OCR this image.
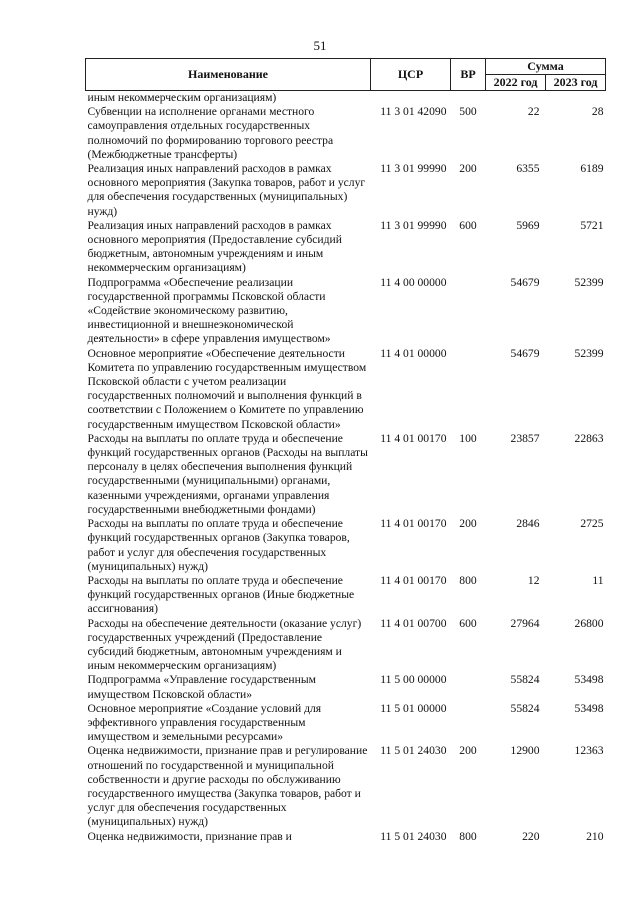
51
Наименование	ЦСР	ВР	Сумма	
			2022 год	2023 год
иным некоммерческим организациям)				
Субвенции на исполнение органами местного самоуправления отдельных государственных полномочий по формированию торгового реестра (Межбюджетные трансферты)	11 3 01 42090	500	22	28
Реализация иных направлений расходов в рамках основного мероприятия (Закупка товаров, работ и услуг для обеспечения государственных (муниципальных) нужд)	11 3 01 99990	200	6355	6189
Реализация иных направлений расходов в рамках основного мероприятия (Предоставление субсидий бюджетным, автономным учреждениям и иным некоммерческим организациям)	11 3 01 99990	600	5969	5721
Подпрограмма «Обеспечение реализации государственной программы Псковской области «Содействие экономическому развитию, инвестиционной и внешнеэкономической деятельности» в сфере управления имуществом»	11 4 00 00000		54679	52399
Основное мероприятие «Обеспечение деятельности Комитета по управлению государственным имуществом Псковской области с учетом реализации государственных полномочий и выполнения функций в соответствии с Положением о Комитете по управлению государственным имуществом Псковской области»	11 4 01 00000		54679	52399
Расходы на выплаты по оплате труда и обеспечение функций государственных органов (Расходы на выплаты персоналу в целях обеспечения выполнения функций государственными (муниципальными) органами, казенными учреждениями, органами управления государственными внебюджетными фондами)	11 4 01 00170	100	23857	22863
Расходы на выплаты по оплате труда и обеспечение функций государственных органов (Закупка товаров, работ и услуг для обеспечения государственных (муниципальных) нужд)	11 4 01 00170	200	2846	2725
Расходы на выплаты по оплате труда и обеспечение функций государственных органов (Иные бюджетные ассигнования)	11 4 01 00170	800	12	11
Расходы на обеспечение деятельности (оказание услуг) государственных учреждений (Предоставление субсидий бюджетным, автономным учреждениям и иным некоммерческим организациям)	11 4 01 00700	600	27964	26800
Подпрограмма «Управление государственным имуществом Псковской области»	11 5 00 00000		55824	53498
Основное мероприятие «Создание условий для эффективного управления государственным имуществом и земельными ресурсами»	11 5 01 00000		55824	53498
Оценка недвижимости, признание прав и регулирование отношений по государственной и муниципальной собственности и другие расходы по обслуживанию государственного имущества (Закупка товаров, работ и услуг для обеспечения государственных (муниципальных) нужд)	11 5 01 24030	200	12900	12363
Оценка недвижимости, признание прав и	11 5 01 24030	800	220	210
